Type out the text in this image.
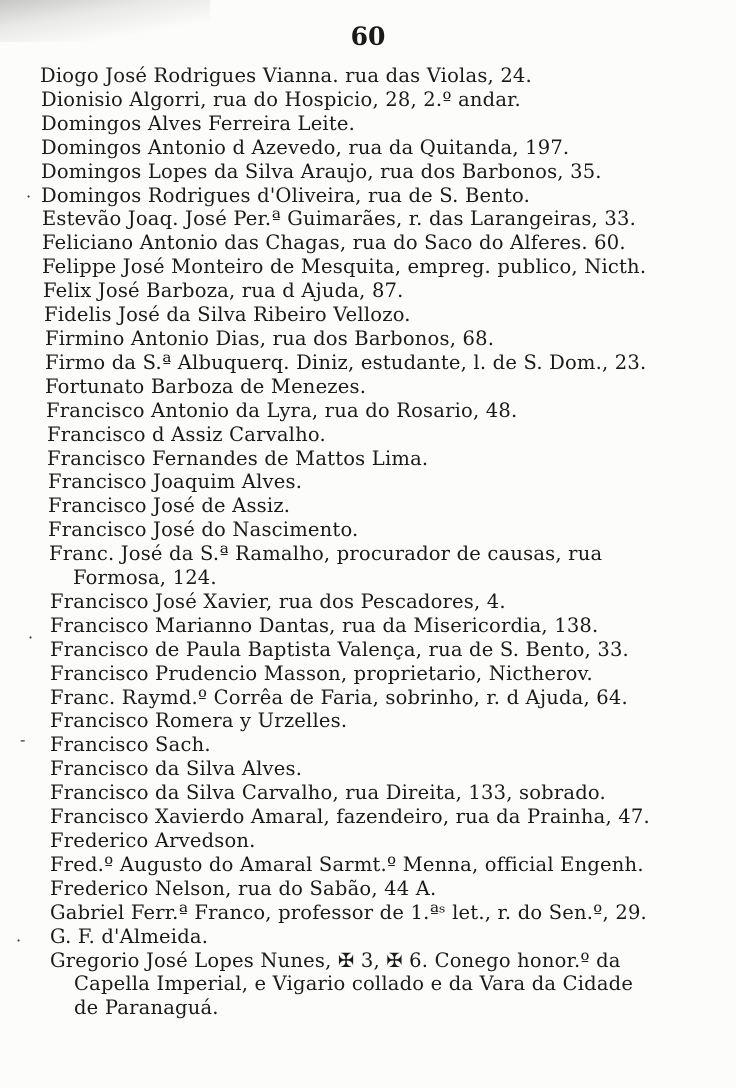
60
·
·
-
·
Diogo José Rodrigues Vianna. rua das Violas, 24.
Dionisio Algorri, rua do Hospicio, 28, 2.º andar.
Domingos Alves Ferreira Leite.
Domingos Antonio d Azevedo, rua da Quitanda, 197.
Domingos Lopes da Silva Araujo, rua dos Barbonos, 35.
Domingos Rodrigues d'Oliveira, rua de S. Bento.
Estevão Joaq. José Per.ª Guimarães, r. das Larangeiras, 33.
Feliciano Antonio das Chagas, rua do Saco do Alferes. 60.
Felippe José Monteiro de Mesquita, empreg. publico, Nicth.
Felix José Barboza, rua d Ajuda, 87.
Fidelis José da Silva Ribeiro Vellozo.
Firmino Antonio Dias, rua dos Barbonos, 68.
Firmo da S.ª Albuquerq. Diniz, estudante, l. de S. Dom., 23.
Fortunato Barboza de Menezes.
Francisco Antonio da Lyra, rua do Rosario, 48.
Francisco d Assiz Carvalho.
Francisco Fernandes de Mattos Lima.
Francisco Joaquim Alves.
Francisco José de Assiz.
Francisco José do Nascimento.
Franc. José da S.ª Ramalho, procurador de causas, rua Formosa, 124.
Francisco José Xavier, rua dos Pescadores, 4.
Francisco Marianno Dantas, rua da Misericordia, 138.
Francisco de Paula Baptista Valença, rua de S. Bento, 33.
Francisco Prudencio Masson, proprietario, Nictherov.
Franc. Raymd.º Corrêa de Faria, sobrinho, r. d Ajuda, 64.
Francisco Romera y Urzelles.
Francisco Sach.
Francisco da Silva Alves.
Francisco da Silva Carvalho, rua Direita, 133, sobrado.
Francisco Xavierdo Amaral, fazendeiro, rua da Prainha, 47.
Frederico Arvedson.
Fred.º Augusto do Amaral Sarmt.º Menna, official Engenh.
Frederico Nelson, rua do Sabão, 44 A.
Gabriel Ferr.ª Franco, professor de 1.ªˢ let., r. do Sen.º, 29.
G. F. d'Almeida.
Gregorio José Lopes Nunes, ✠ 3, ✠ 6. Conego honor.º da Capella Imperial, e Vigario collado e da Vara da Cidade de Paranaguá.
